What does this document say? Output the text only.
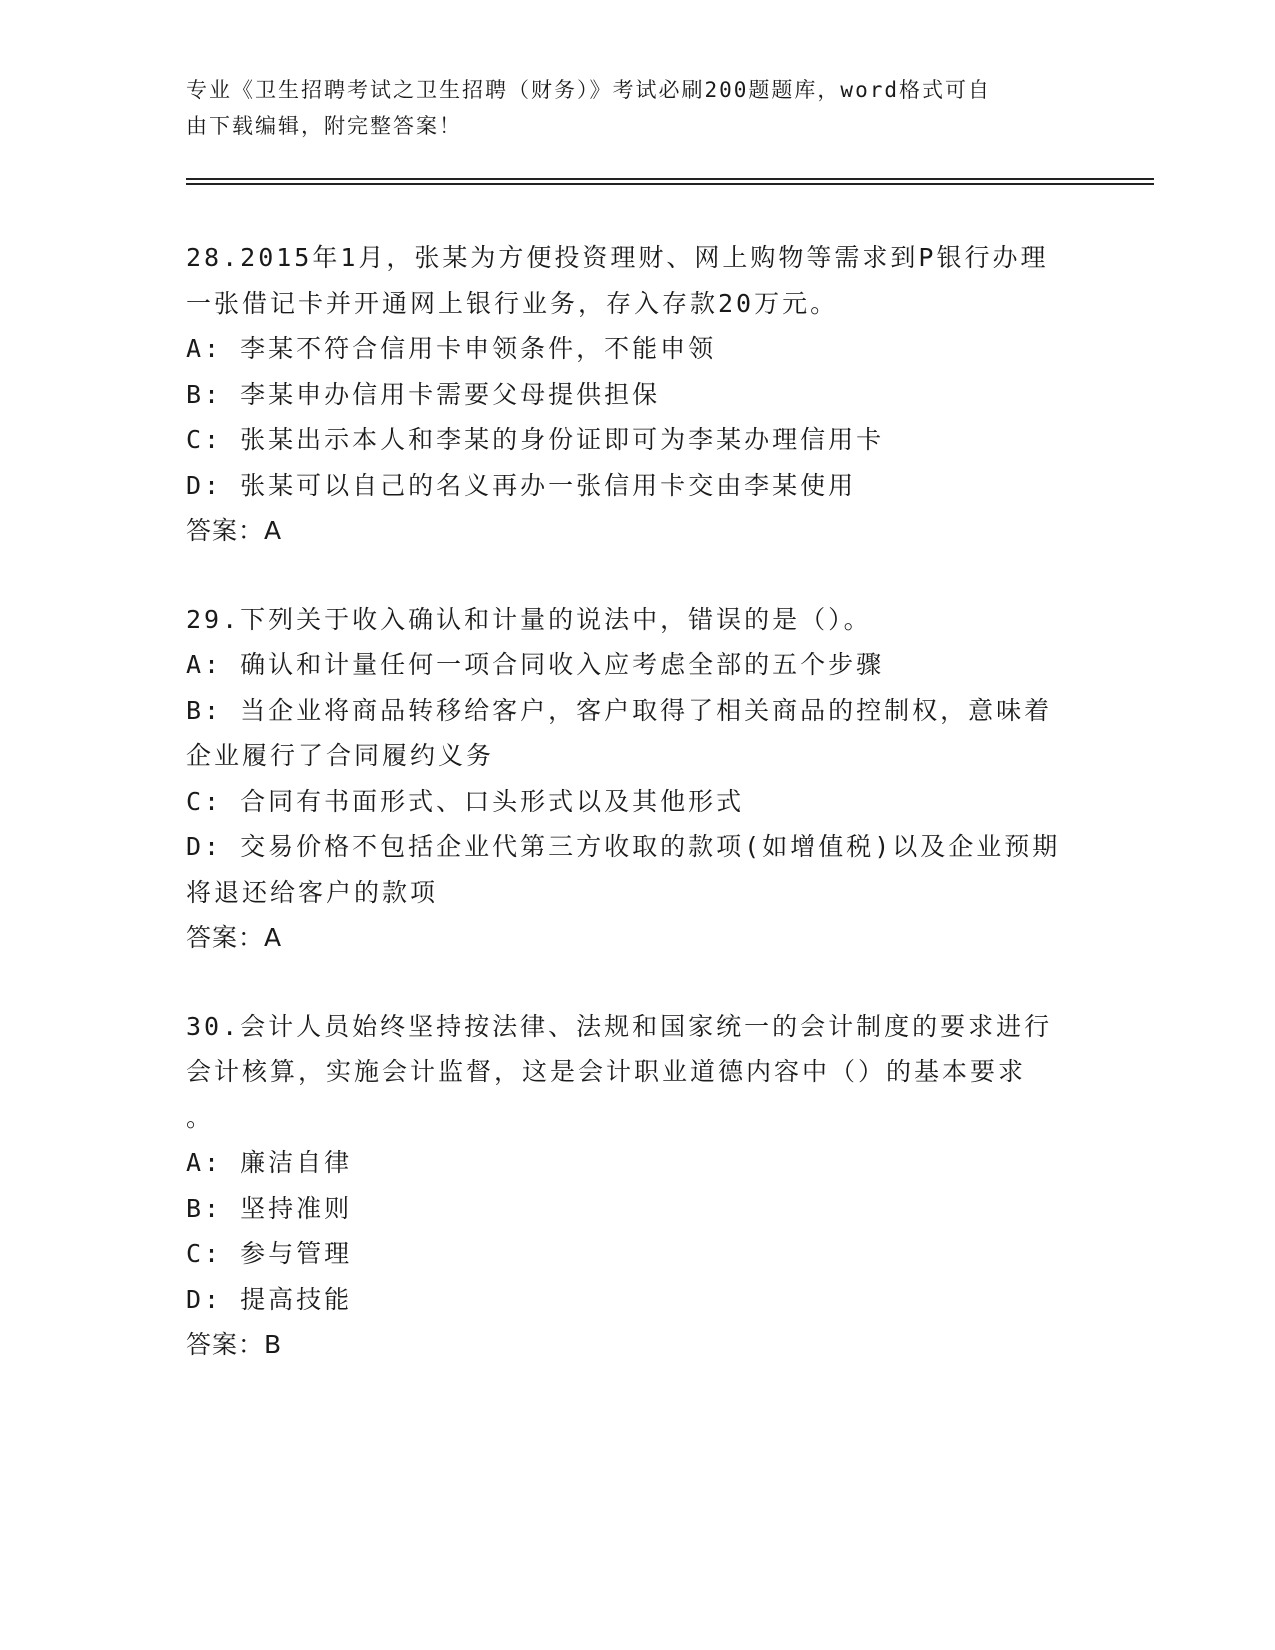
专业《卫生招聘考试之卫生招聘（财务）》考试必刷200题题库，word格式可自
由下载编辑，附完整答案！
28.2015年1月，张某为方便投资理财、网上购物等需求到P银行办理
一张借记卡并开通网上银行业务，存入存款20万元。
A: 李某不符合信用卡申领条件，不能申领
B: 李某申办信用卡需要父母提供担保
C: 张某出示本人和李某的身份证即可为李某办理信用卡
D: 张某可以自己的名义再办一张信用卡交由李某使用
答案：A
29.下列关于收入确认和计量的说法中，错误的是（）。
A: 确认和计量任何一项合同收入应考虑全部的五个步骤
B: 当企业将商品转移给客户，客户取得了相关商品的控制权，意味着
企业履行了合同履约义务
C: 合同有书面形式、口头形式以及其他形式
D: 交易价格不包括企业代第三方收取的款项(如增值税)以及企业预期
将退还给客户的款项
答案：A
30.会计人员始终坚持按法律、法规和国家统一的会计制度的要求进行
会计核算，实施会计监督，这是会计职业道德内容中（）的基本要求
。
A: 廉洁自律
B: 坚持准则
C: 参与管理
D: 提高技能
答案：B
